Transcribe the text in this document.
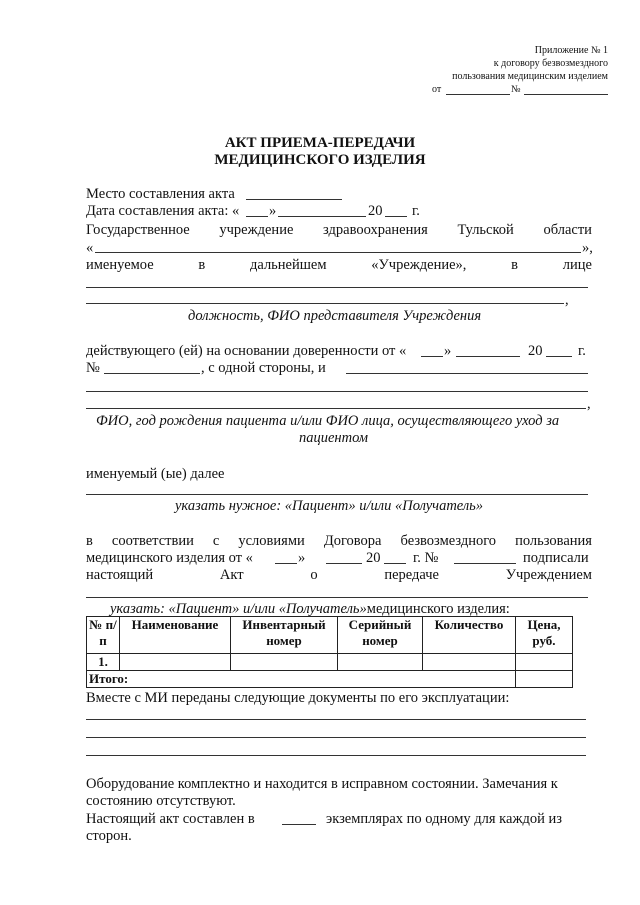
Приложение № 1
к договору безвозмездного
пользования медицинским изделием
от	№
АКТ ПРИЕМА-ПЕРЕДАЧИ
МЕДИЦИНСКОГО ИЗДЕЛИЯ
Место составления акта
Дата составления акта: « »	20 г.
Государственное учреждение здравоохранения Тульской области
«	»,
именуемое	в	дальнейшем	«Учреждение»,	в	лице
,
должность, ФИО представителя Учреждения
действующего (ей) на основании доверенности от «	»	20 г.
№	, с одной стороны, и
,
ФИО, год рождения пациента и/или ФИО лица, осуществляющего уход за
пациентом
именуемый (ые) далее
указать нужное: «Пациент» и/или «Получатель»
в соответствии с условиями Договора безвозмездного пользования
медицинского изделия от «	»	20 г. №	подписали
настоящий	Акт	о	передаче	Учреждением
указать: «Пациент» и/или «Получатель»медицинского изделия:
№ п/п	Наименование	Инвентарный номер	Серийный номер	Количество	Цена, руб.
1.					
Итого:					
Вместе с МИ переданы следующие документы по его эксплуатации:
Оборудование комплектно и находится в исправном состоянии. Замечания к
состоянию отсутствуют.
Настоящий акт составлен в	экземплярах по одному для каждой из
сторон.
